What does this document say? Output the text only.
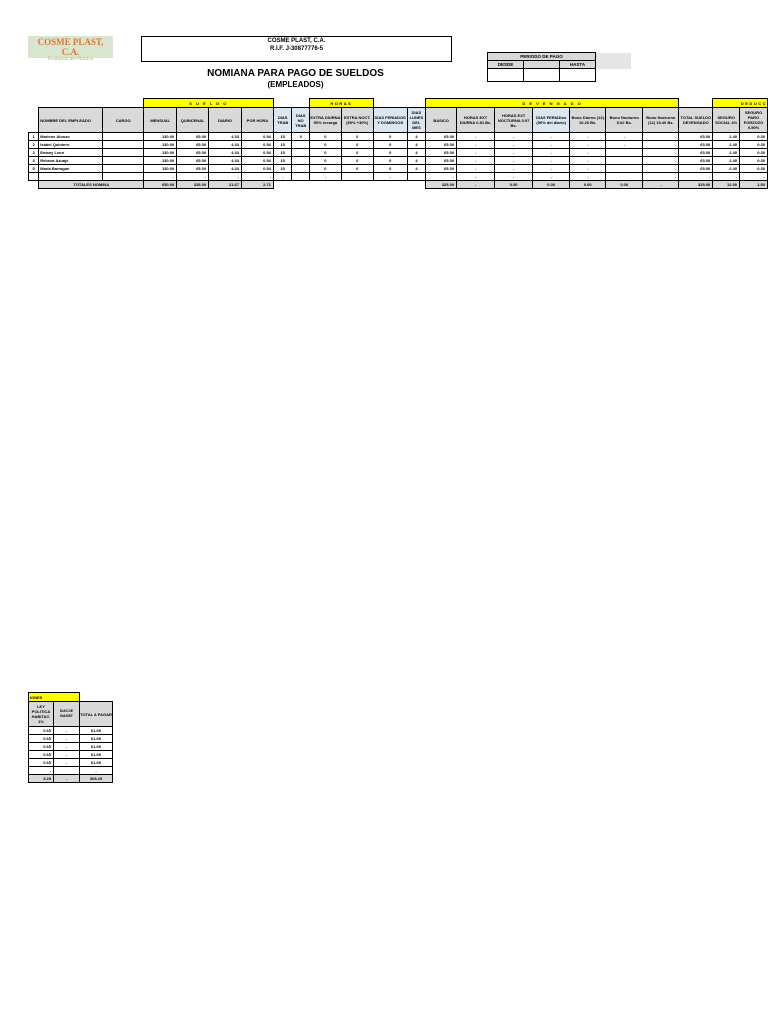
COSME PLAST, C.A.
Evolucion del Plastico
COSME PLAST, C.A.
R.I.F. J-30877776-5
NOMIANA PARA PAGO DE SUELDOS
(EMPLEADOS)
PERIODO DE PAGO			
DESDE		HASTA	

			S U E L D O						HORAS				D E V E N G A D O								DEDUCC	
	NOMBRE DEL EMPLEADO	CARGO	MENSUAL	QUINCENAL	DIARIO	POR HORA	DIAS TRAB	DIAS NO TRAB	EXTRA DIURNA 50% recarga	EXTRA NOCT. (50% +30%)	DIAS FERIADOS Y DOMINGOS	DIAS LUNES DEL MES	BASICO	HORAS EXT DIURNA 0.81 Bs.	HORAS EXT NOCTURNA 0.97 Bs.	DIAS FERIADos (50% del diario)	Bono Diurno (12) 16.20 Bs.	Bono Nocturno 5.62 Bs.	Bono Nocturno (12) 19.40 Bs.	TOTAL SUELDO DEVENGADO	SEGURO SOCIAL 4%	SEGURO PARO FORZOZO 0.50%
1	Marlene Alonzo		130.00	65.00	4.33	0.54	15	0	0	0	0	4	65.00	-	-	-	-	-	-	65.00	2.40	0.30
2	Isabel Quintero		130.00	65.00	4.33	0.54	15		0	0	0	4	65.00	-	-	-	-	-	-	65.00	2.40	0.30
3	Emany Leon		130.00	65.00	4.33	0.54	15		0	0	0	4	65.00	-	-	-	-		-	65.00	2.40	0.30
4	Rebeca Azuaje		130.00	65.00	4.33	0.54	15		0	0	0	4	65.00	-	-	-	-		-	65.00	2.40	0.30
5	Maria Barragan		130.00	65.00	4.33	0.54	15		0	0	0	4	65.00	-	-	-	-		-	65.00	2.40	0.30
			-	-	-	-	-		-		-		-	-	-	-	-		-	-	-	-
	TOTALES NOMINA		650.00	325.00	21.67	2.71							325.00	-	0.00	0.00	0.00	0.00	-	325.00	12.00	1.50
IONES		
LEY POLITICA HABITAC. 1%	DIAS DE INASIST	TOTAL A PAGAR
0.65	-	61.65
0.65	-	61.65
0.65	-	61.65
0.65	-	61.65
0.65	-	61.65
-		-
3.25	-	308.25
